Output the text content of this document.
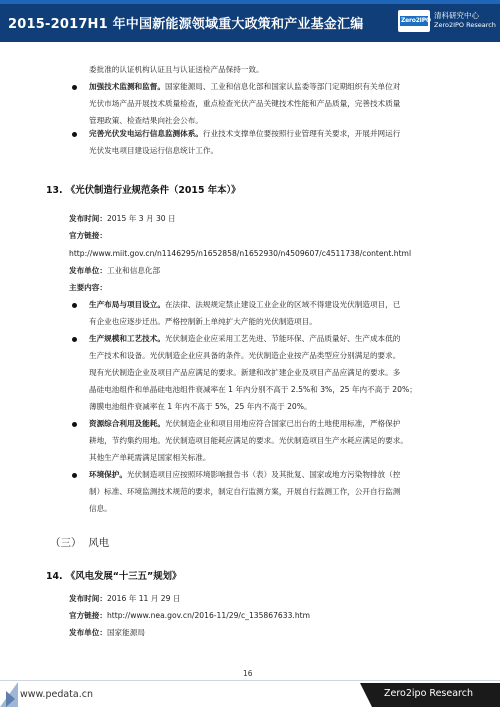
2015-2017H1 年中国新能源领域重大政策和产业基金汇编	Zero2IPO
清科研究中心
Zero2IPO Research
委批准的认证机构认证且与认证送检产品保持一致。
加强技术监测和监督。国家能源局、工业和信息化部和国家认监委等部门定期组织有关单位对
光伏市场产品开展技术质量检查，重点检查光伏产品关键技术性能和产品质量，完善技术质量
管理政策、检查结果向社会公布。
完善光伏发电运行信息监测体系。行业技术支撑单位要按照行业管理有关要求，开展并网运行
光伏发电项目建设运行信息统计工作。
13. 《光伏制造行业规范条件（2015 年本）》
发布时间：2015 年 3 月 30 日
官方链接：
http://www.miit.gov.cn/n1146295/n1652858/n1652930/n4509607/c4511738/content.html
发布单位：工业和信息化部
主要内容：
生产布局与项目设立。在法律、法规规定禁止建设工业企业的区域不得建设光伏制造项目，已
有企业也应逐步迁出。严格控制新上单纯扩大产能的光伏制造项目。
生产规模和工艺技术。光伏制造企业应采用工艺先进、节能环保、产品质量好、生产成本低的
生产技术和设备。光伏制造企业应具备的条件。光伏制造企业按产品类型应分别满足的要求。
现有光伏制造企业及项目产品应满足的要求。新建和改扩建企业及项目产品应满足的要求。多
晶硅电池组件和单晶硅电池组件衰减率在 1 年内分别不高于 2.5%和 3%，25 年内不高于 20%；
薄膜电池组件衰减率在 1 年内不高于 5%，25 年内不高于 20%。
资源综合利用及能耗。光伏制造企业和项目用地应符合国家已出台的土地使用标准，严格保护
耕地，节约集约用地。光伏制造项目能耗应满足的要求。光伏制造项目生产水耗应满足的要求。
其他生产单耗需满足国家相关标准。
环境保护。光伏制造项目应按照环境影响报告书（表）及其批复、国家或地方污染物排放（控
制）标准、环境监测技术规范的要求，制定自行监测方案，开展自行监测工作，公开自行监测
信息。
（三） 风电
14. 《风电发展“十三五”规划》
发布时间：2016 年 11 月 29 日
官方链接：http://www.nea.gov.cn/2016-11/29/c_135867633.htm
发布单位：国家能源局
16
www.pedata.cn	Zero2ipo Research
